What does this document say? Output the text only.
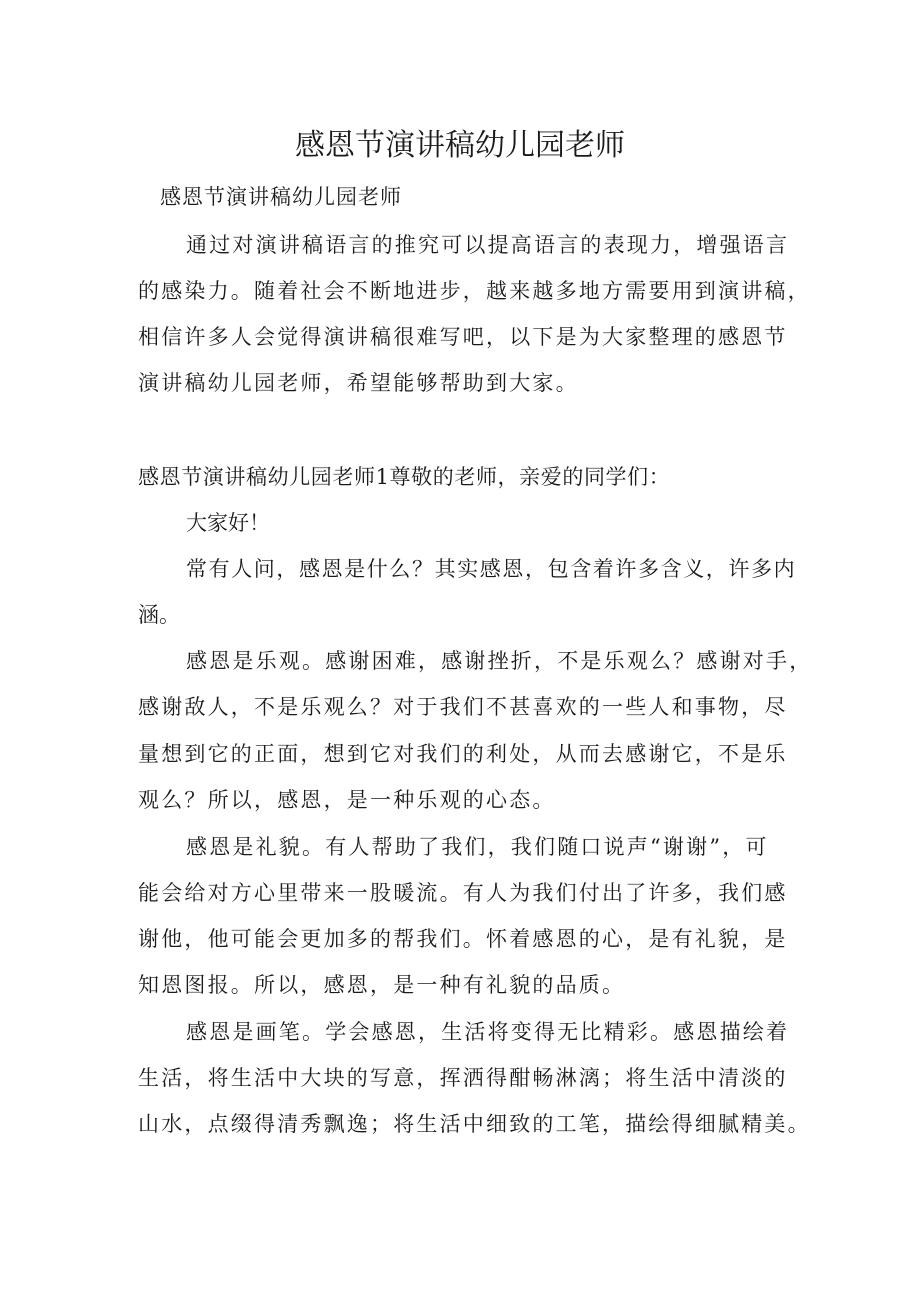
感恩节演讲稿幼儿园老师

感恩节演讲稿幼儿园老师

通过对演讲稿语言的推究可以提高语言的表现力，增强语言

的感染力。随着社会不断地进步，越来越多地方需要用到演讲稿，

相信许多人会觉得演讲稿很难写吧，以下是为大家整理的感恩节

演讲稿幼儿园老师，希望能够帮助到大家。

感恩节演讲稿幼儿园老师1尊敬的老师，亲爱的同学们：

大家好！

常有人问，感恩是什么？其实感恩，包含着许多含义，许多内

涵。

感恩是乐观。感谢困难，感谢挫折，不是乐观么？感谢对手，

感谢敌人，不是乐观么？对于我们不甚喜欢的一些人和事物，尽

量想到它的正面，想到它对我们的利处，从而去感谢它，不是乐

观么？所以，感恩，是一种乐观的心态。

感恩是礼貌。有人帮助了我们，我们随口说声“谢谢”，可

能会给对方心里带来一股暖流。有人为我们付出了许多，我们感

谢他，他可能会更加多的帮我们。怀着感恩的心，是有礼貌，是

知恩图报。所以，感恩，是一种有礼貌的品质。

感恩是画笔。学会感恩，生活将变得无比精彩。感恩描绘着

生活，将生活中大块的写意，挥洒得酣畅淋漓；将生活中清淡的

山水，点缀得清秀飘逸；将生活中细致的工笔，描绘得细腻精美。
